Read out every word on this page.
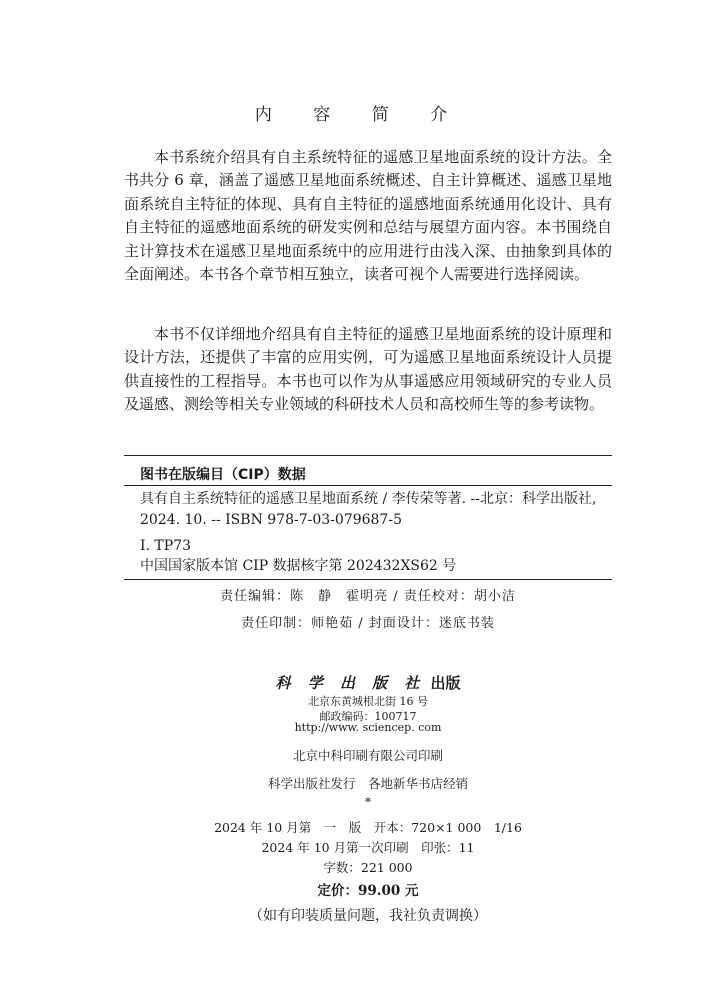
内 容 简 介

本书系统介绍具有自主系统特征的遥感卫星地面系统的设计方法。全书共分 6 章，涵盖了遥感卫星地面系统概述、自主计算概述、遥感卫星地面系统自主特征的体现、具有自主特征的遥感地面系统通用化设计、具有自主特征的遥感地面系统的研发实例和总结与展望方面内容。本书围绕自主计算技术在遥感卫星地面系统中的应用进行由浅入深、由抽象到具体的全面阐述。本书各个章节相互独立，读者可视个人需要进行选择阅读。

本书不仅详细地介绍具有自主特征的遥感卫星地面系统的设计原理和设计方法，还提供了丰富的应用实例，可为遥感卫星地面系统设计人员提供直接性的工程指导。本书也可以作为从事遥感应用领域研究的专业人员及遥感、测绘等相关专业领域的科研技术人员和高校师生等的参考读物。

图书在版编目（CIP）数据

具有自主系统特征的遥感卫星地面系统 / 李传荣等著. --北京：科学出版社, 2024. 10. -- ISBN 978-7-03-079687-5

Ⅰ. TP73

中国国家版本馆 CIP 数据核字第 202432XS62 号

责任编辑：陈　静　霍明亮 / 责任校对：胡小洁
责任印制：师艳茹 / 封面设计：迷底书装
科 学 出 版 社 出版
北京东黄城根北街 16 号
邮政编码：100717
http://www. sciencep. com
北京中科印刷有限公司印刷
科学出版社发行　各地新华书店经销
*
2024 年 10 月第　一　版　开本：720×1 000　1/16
2024 年 10 月第一次印刷　印张：11
字数：221 000
定价：99.00 元
（如有印装质量问题，我社负责调换）
